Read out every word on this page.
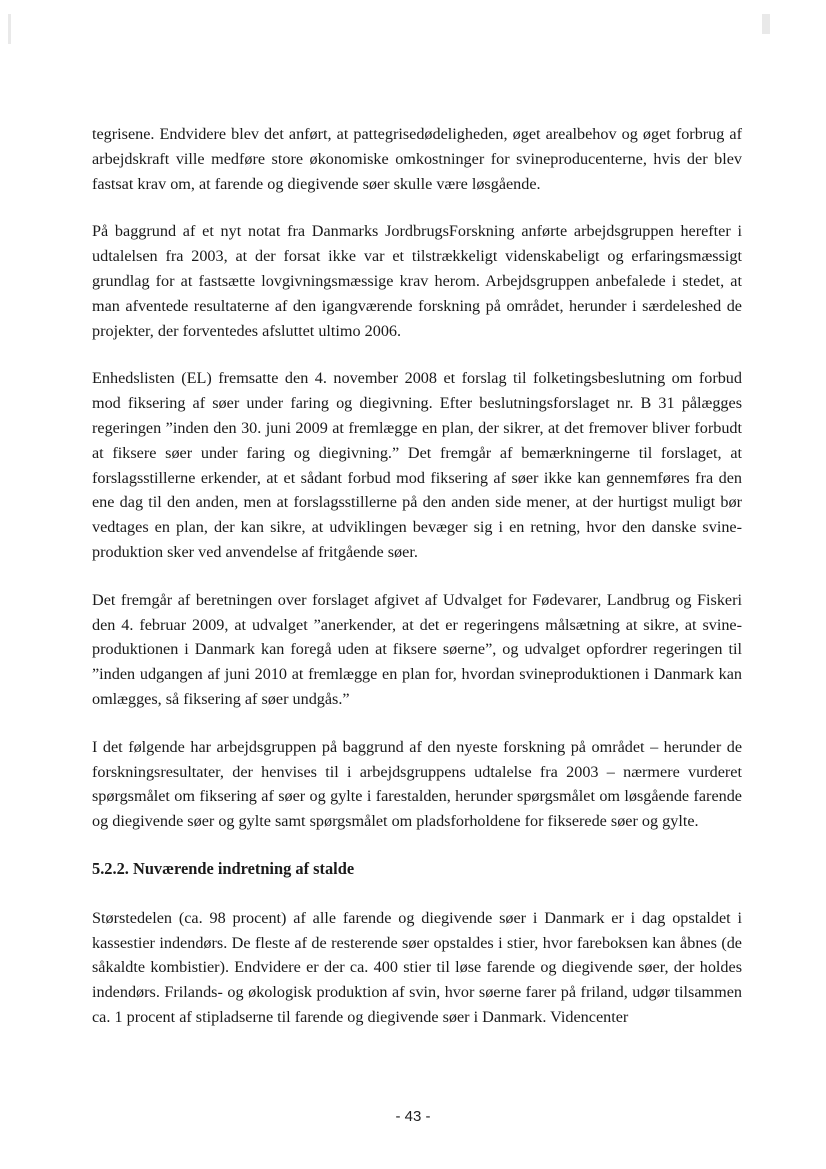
tegrisene. Endvidere blev det anført, at pattegrisedødeligheden, øget arealbehov og øget forbrug af arbejdskraft ville medføre store økonomiske omkostninger for svineproducenterne, hvis der blev fastsat krav om, at farende og diegivende søer skulle være løsgående.

På baggrund af et nyt notat fra Danmarks JordbrugsForskning anførte arbejdsgruppen herefter i udtalelsen fra 2003, at der forsat ikke var et tilstrækkeligt videnskabeligt og erfaringsmæssigt grundlag for at fastsætte lovgivningsmæssige krav herom. Arbejdsgruppen anbefalede i stedet, at man afventede resultaterne af den igangværende forskning på området, herunder i særdeleshed de projekter, der forventedes afsluttet ultimo 2006.

Enhedslisten (EL) fremsatte den 4. november 2008 et forslag til folketingsbeslutning om forbud mod fiksering af søer under faring og diegivning. Efter beslutningsforslaget nr. B 31 pålægges regeringen ”inden den 30. juni 2009 at fremlægge en plan, der sikrer, at det fremover bliver forbudt at fiksere søer under faring og diegivning.” Det fremgår af bemærkningerne til forslaget, at forslagsstillerne erkender, at et sådant forbud mod fiksering af søer ikke kan gennemføres fra den ene dag til den anden, men at forslagsstillerne på den anden side mener, at der hurtigst muligt bør vedtages en plan, der kan sikre, at udviklingen bevæger sig i en retning, hvor den danske svineproduktion sker ved anvendelse af fritgående søer.

Det fremgår af beretningen over forslaget afgivet af Udvalget for Fødevarer, Landbrug og Fiskeri den 4. februar 2009, at udvalget ”anerkender, at det er regeringens målsætning at sikre, at svineproduktionen i Danmark kan foregå uden at fiksere søerne”, og udvalget opfordrer regeringen til ”inden udgangen af juni 2010 at fremlægge en plan for, hvordan svineproduktionen i Danmark kan omlægges, så fiksering af søer undgås.”

I det følgende har arbejdsgruppen på baggrund af den nyeste forskning på området – herunder de forskningsresultater, der henvises til i arbejdsgruppens udtalelse fra 2003 – nærmere vurderet spørgsmålet om fiksering af søer og gylte i farestalden, herunder spørgsmålet om løsgående farende og diegivende søer og gylte samt spørgsmålet om pladsforholdene for fikserede søer og gylte.

5.2.2. Nuværende indretning af stalde

Størstedelen (ca. 98 procent) af alle farende og diegivende søer i Danmark er i dag opstaldet i kassestier indendørs. De fleste af de resterende søer opstaldes i stier, hvor fareboksen kan åbnes (de såkaldte kombistier). Endvidere er der ca. 400 stier til løse farende og diegivende søer, der holdes indendørs. Frilands- og økologisk produktion af svin, hvor søerne farer på friland, udgør tilsammen ca. 1 procent af stipladserne til farende og diegivende søer i Danmark. Videncenter

- 43 -
